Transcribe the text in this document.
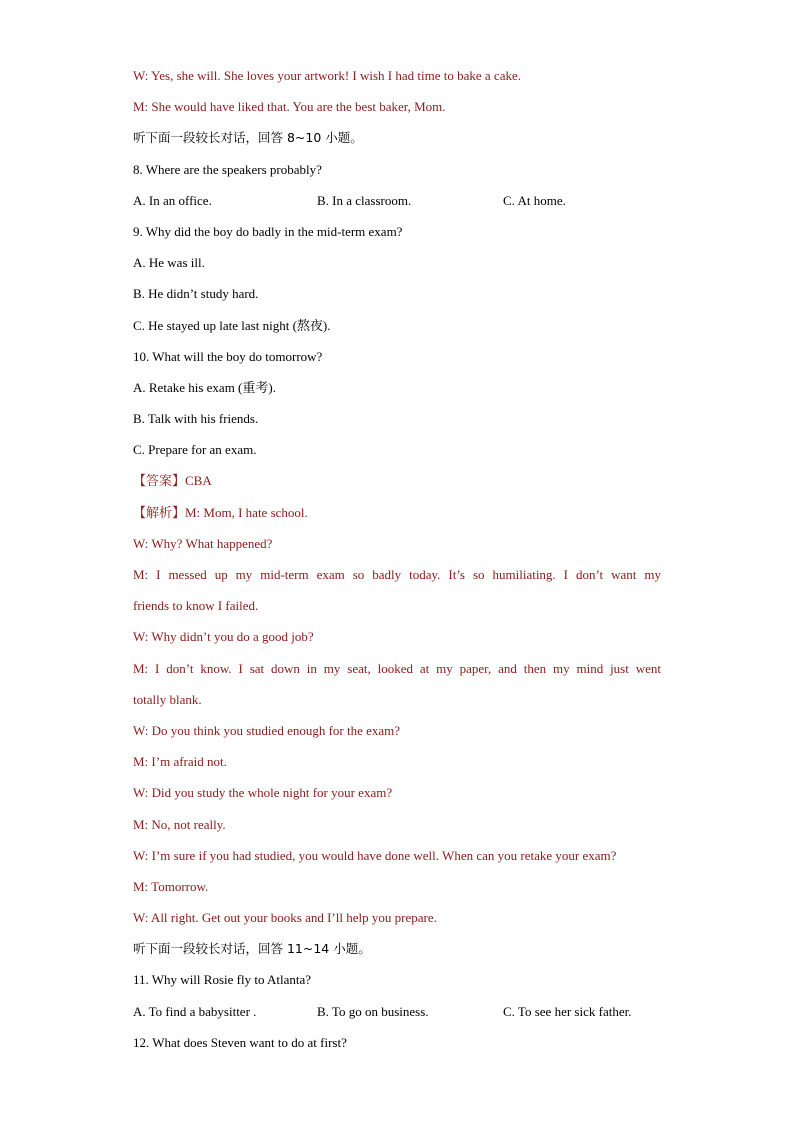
W: Yes, she will. She loves your artwork! I wish I had time to bake a cake.
M: She would have liked that. You are the best baker, Mom.
听下面一段较长对话，回答 8~10 小题。
8. Where are the speakers probably?
A. In an office.	B. In a classroom.	C. At home.
9. Why did the boy do badly in the mid-term exam?
A. He was ill.
B. He didn’t study hard.
C. He stayed up late last night (熬夜).
10. What will the boy do tomorrow?
A. Retake his exam (重考).
B. Talk with his friends.
C. Prepare for an exam.
【答案】CBA
【解析】M: Mom, I hate school.
W: Why? What happened?
M: I messed up my mid-term exam so badly today. It’s so humiliating. I don’t want my
friends to know I failed.
W: Why didn’t you do a good job?
M: I don’t know. I sat down in my seat, looked at my paper, and then my mind just went
totally blank.
W: Do you think you studied enough for the exam?
M: I’m afraid not.
W: Did you study the whole night for your exam?
M: No, not really.
W: I’m sure if you had studied, you would have done well. When can you retake your exam?
M: Tomorrow.
W: All right. Get out your books and I’ll help you prepare.
听下面一段较长对话，回答 11~14 小题。
11. Why will Rosie fly to Atlanta?
A. To find a babysitter .	B. To go on business.	C. To see her sick father.
12. What does Steven want to do at first?
